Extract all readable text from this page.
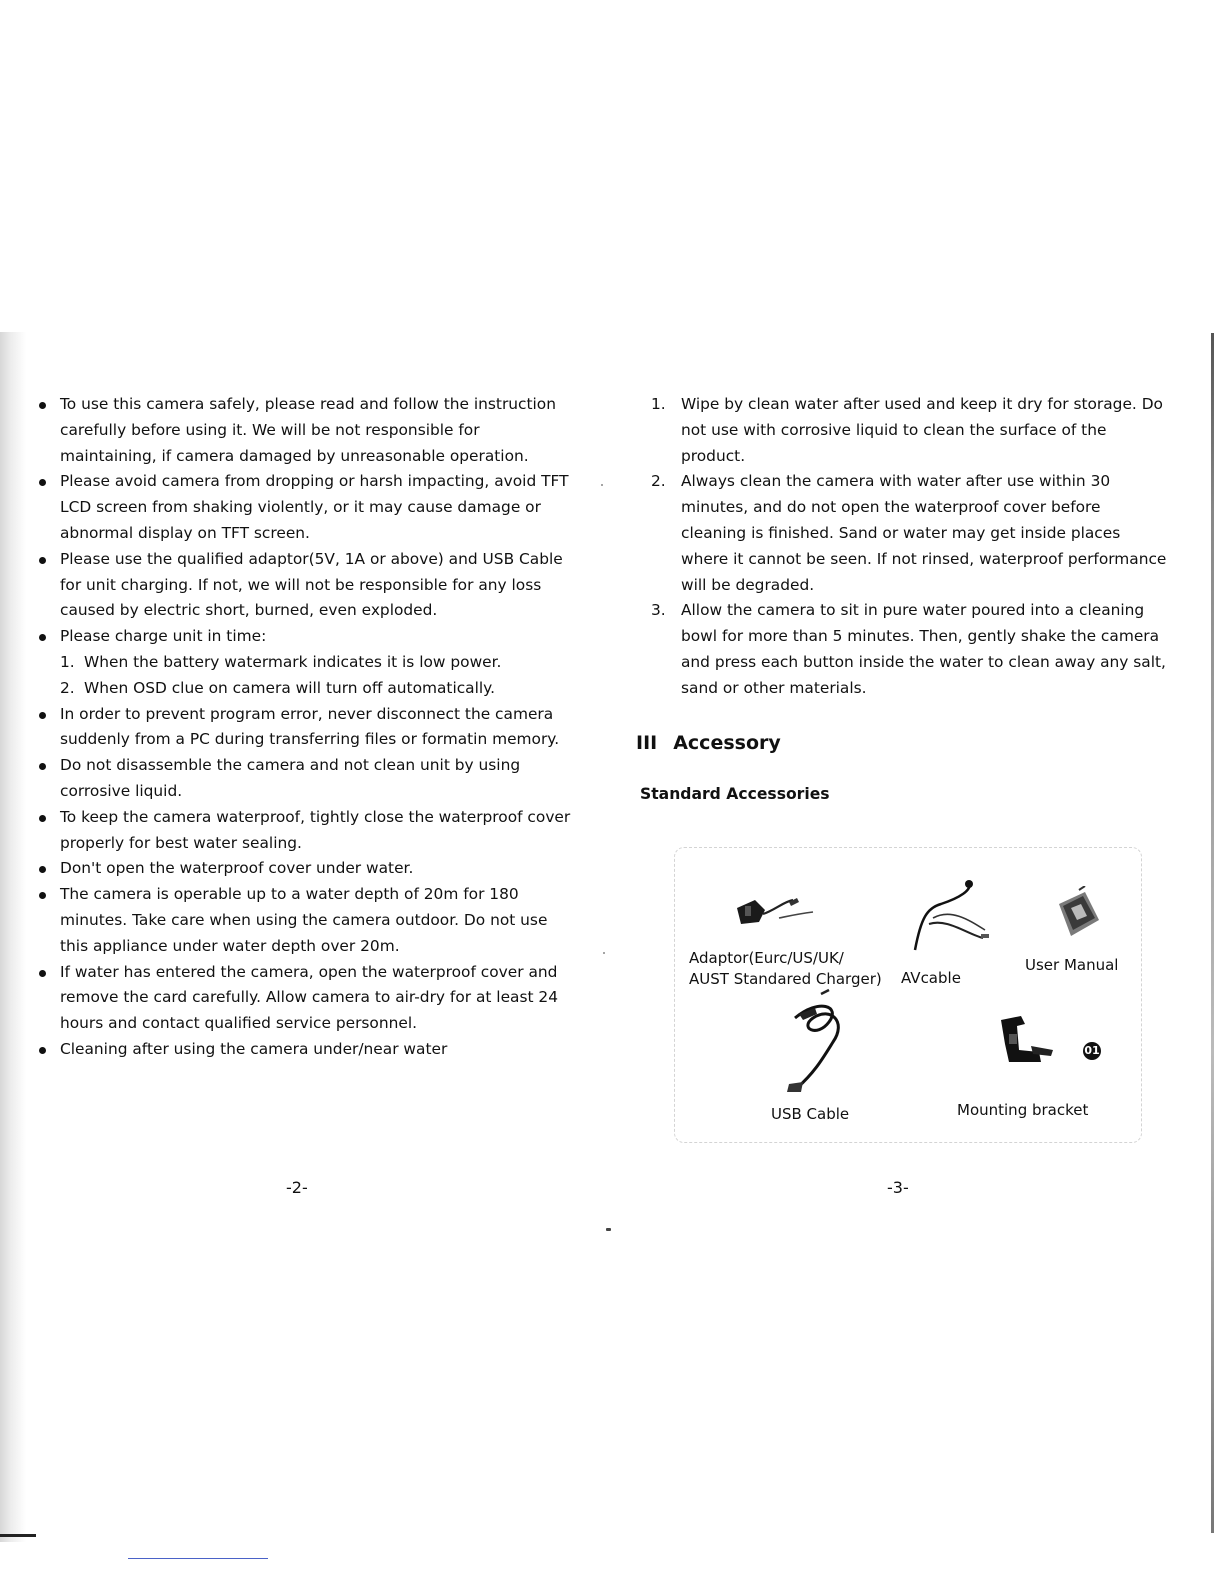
To use this camera safely, please read and follow the instruction carefully before using it. We will be not responsible for maintaining, if camera damaged by unreasonable operation.
Please avoid camera from dropping or harsh impacting, avoid TFT LCD screen from shaking violently, or it may cause damage or abnormal display on TFT screen.
Please use the qualified adaptor(5V, 1A or above) and USB Cable for unit charging. If not, we will not be responsible for any loss caused by electric short, burned, even exploded.
Please charge unit in time:
1. When the battery watermark indicates it is low power.
2. When OSD clue on camera will turn off automatically.
In order to prevent program error, never disconnect the camera suddenly from a PC during transferring files or formatin memory.
Do not disassemble the camera and not clean unit by using corrosive liquid.
To keep the camera waterproof, tightly close the waterproof cover properly for best water sealing.
Don't open the waterproof cover under water.
The camera is operable up to a water depth of 20m for 180 minutes. Take care when using the camera outdoor. Do not use this appliance under water depth over 20m.
If water has entered the camera, open the waterproof cover and remove the card carefully. Allow camera to air-dry for at least 24 hours and contact qualified service personnel.
Cleaning after using the camera under/near water
-2-
1. Wipe by clean water after used and keep it dry for storage. Do not use with corrosive liquid to clean the surface of the product.
2. Always clean the camera with water after use within 30 minutes, and do not open the waterproof cover before cleaning is finished. Sand or water may get inside places where it cannot be seen. If not rinsed, waterproof performance will be degraded.
3. Allow the camera to sit in pure water poured into a cleaning bowl for more than 5 minutes. Then, gently shake the camera and press each button inside the water to clean away any salt, sand or other materials.
III Accessory
Standard Accessories
Adaptor(Eurc/US/UK/
AUST Standared Charger) AVcable
User Manual
USB Cable
01
Mounting bracket
-3-
